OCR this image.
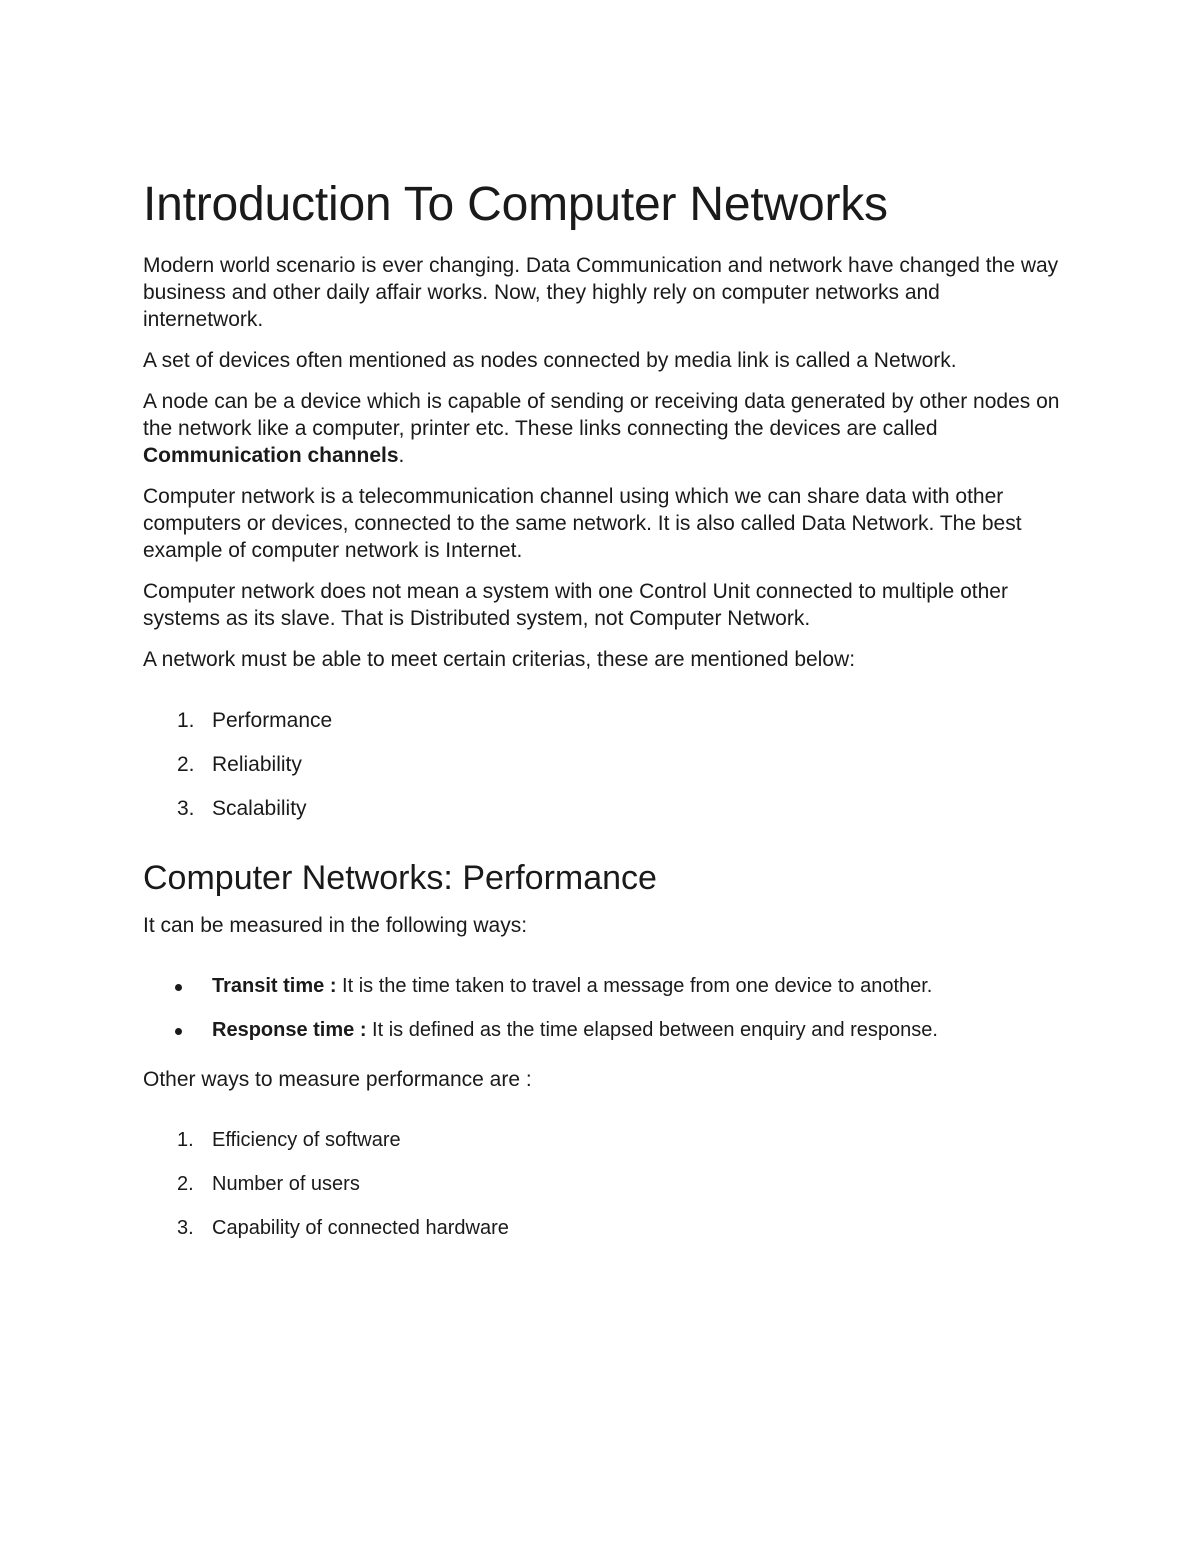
Introduction To Computer Networks

Modern world scenario is ever changing. Data Communication and network have changed the way business and other daily affair works. Now, they highly rely on computer networks and internetwork.

A set of devices often mentioned as nodes connected by media link is called a Network.

A node can be a device which is capable of sending or receiving data generated by other nodes on the network like a computer, printer etc. These links connecting the devices are called Communication channels.

Computer network is a telecommunication channel using which we can share data with other computers or devices, connected to the same network. It is also called Data Network. The best example of computer network is Internet.

Computer network does not mean a system with one Control Unit connected to multiple other systems as its slave. That is Distributed system, not Computer Network.

A network must be able to meet certain criterias, these are mentioned below:

1. Performance
2. Reliability
3. Scalability
Computer Networks: Performance

It can be measured in the following ways:

Transit time : It is the time taken to travel a message from one device to another.
Response time : It is defined as the time elapsed between enquiry and response.

Other ways to measure performance are :

1. Efficiency of software
2. Number of users
3. Capability of connected hardware
